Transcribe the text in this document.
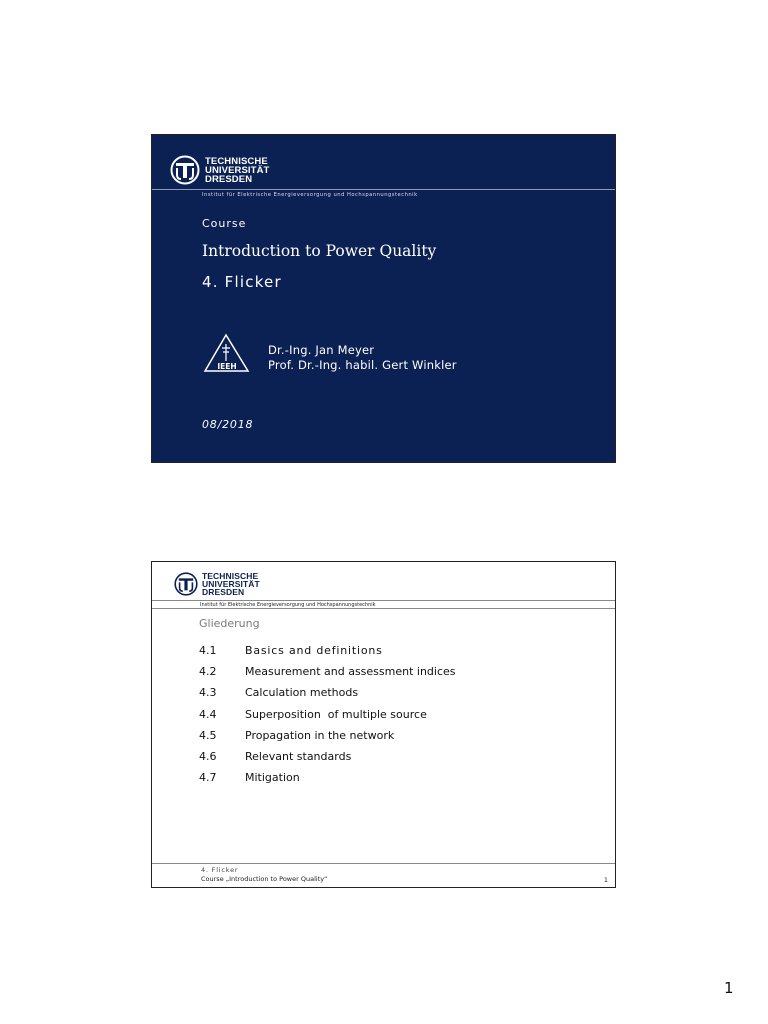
TECHNISCHE
UNIVERSITÄT
DRESDEN
Institut für Elektrische Energieversorgung und Hochspannungstechnik
Course
Introduction to Power Quality
4. Flicker
IEEH
Dr.-Ing. Jan Meyer
Prof. Dr.-Ing. habil. Gert Winkler
08/2018
TECHNISCHE
UNIVERSITÄT
DRESDEN
Institut für Elektrische Energieversorgung und Hochspannungstechnik
Gliederung
4.1	Basics and definitions
4.2	Measurement and assessment indices
4.3	Calculation methods
4.4	Superposition  of multiple source
4.5	Propagation in the network
4.6	Relevant standards
4.7	Mitigation
4. Flicker
Course „Introduction to Power Quality“	1
1
